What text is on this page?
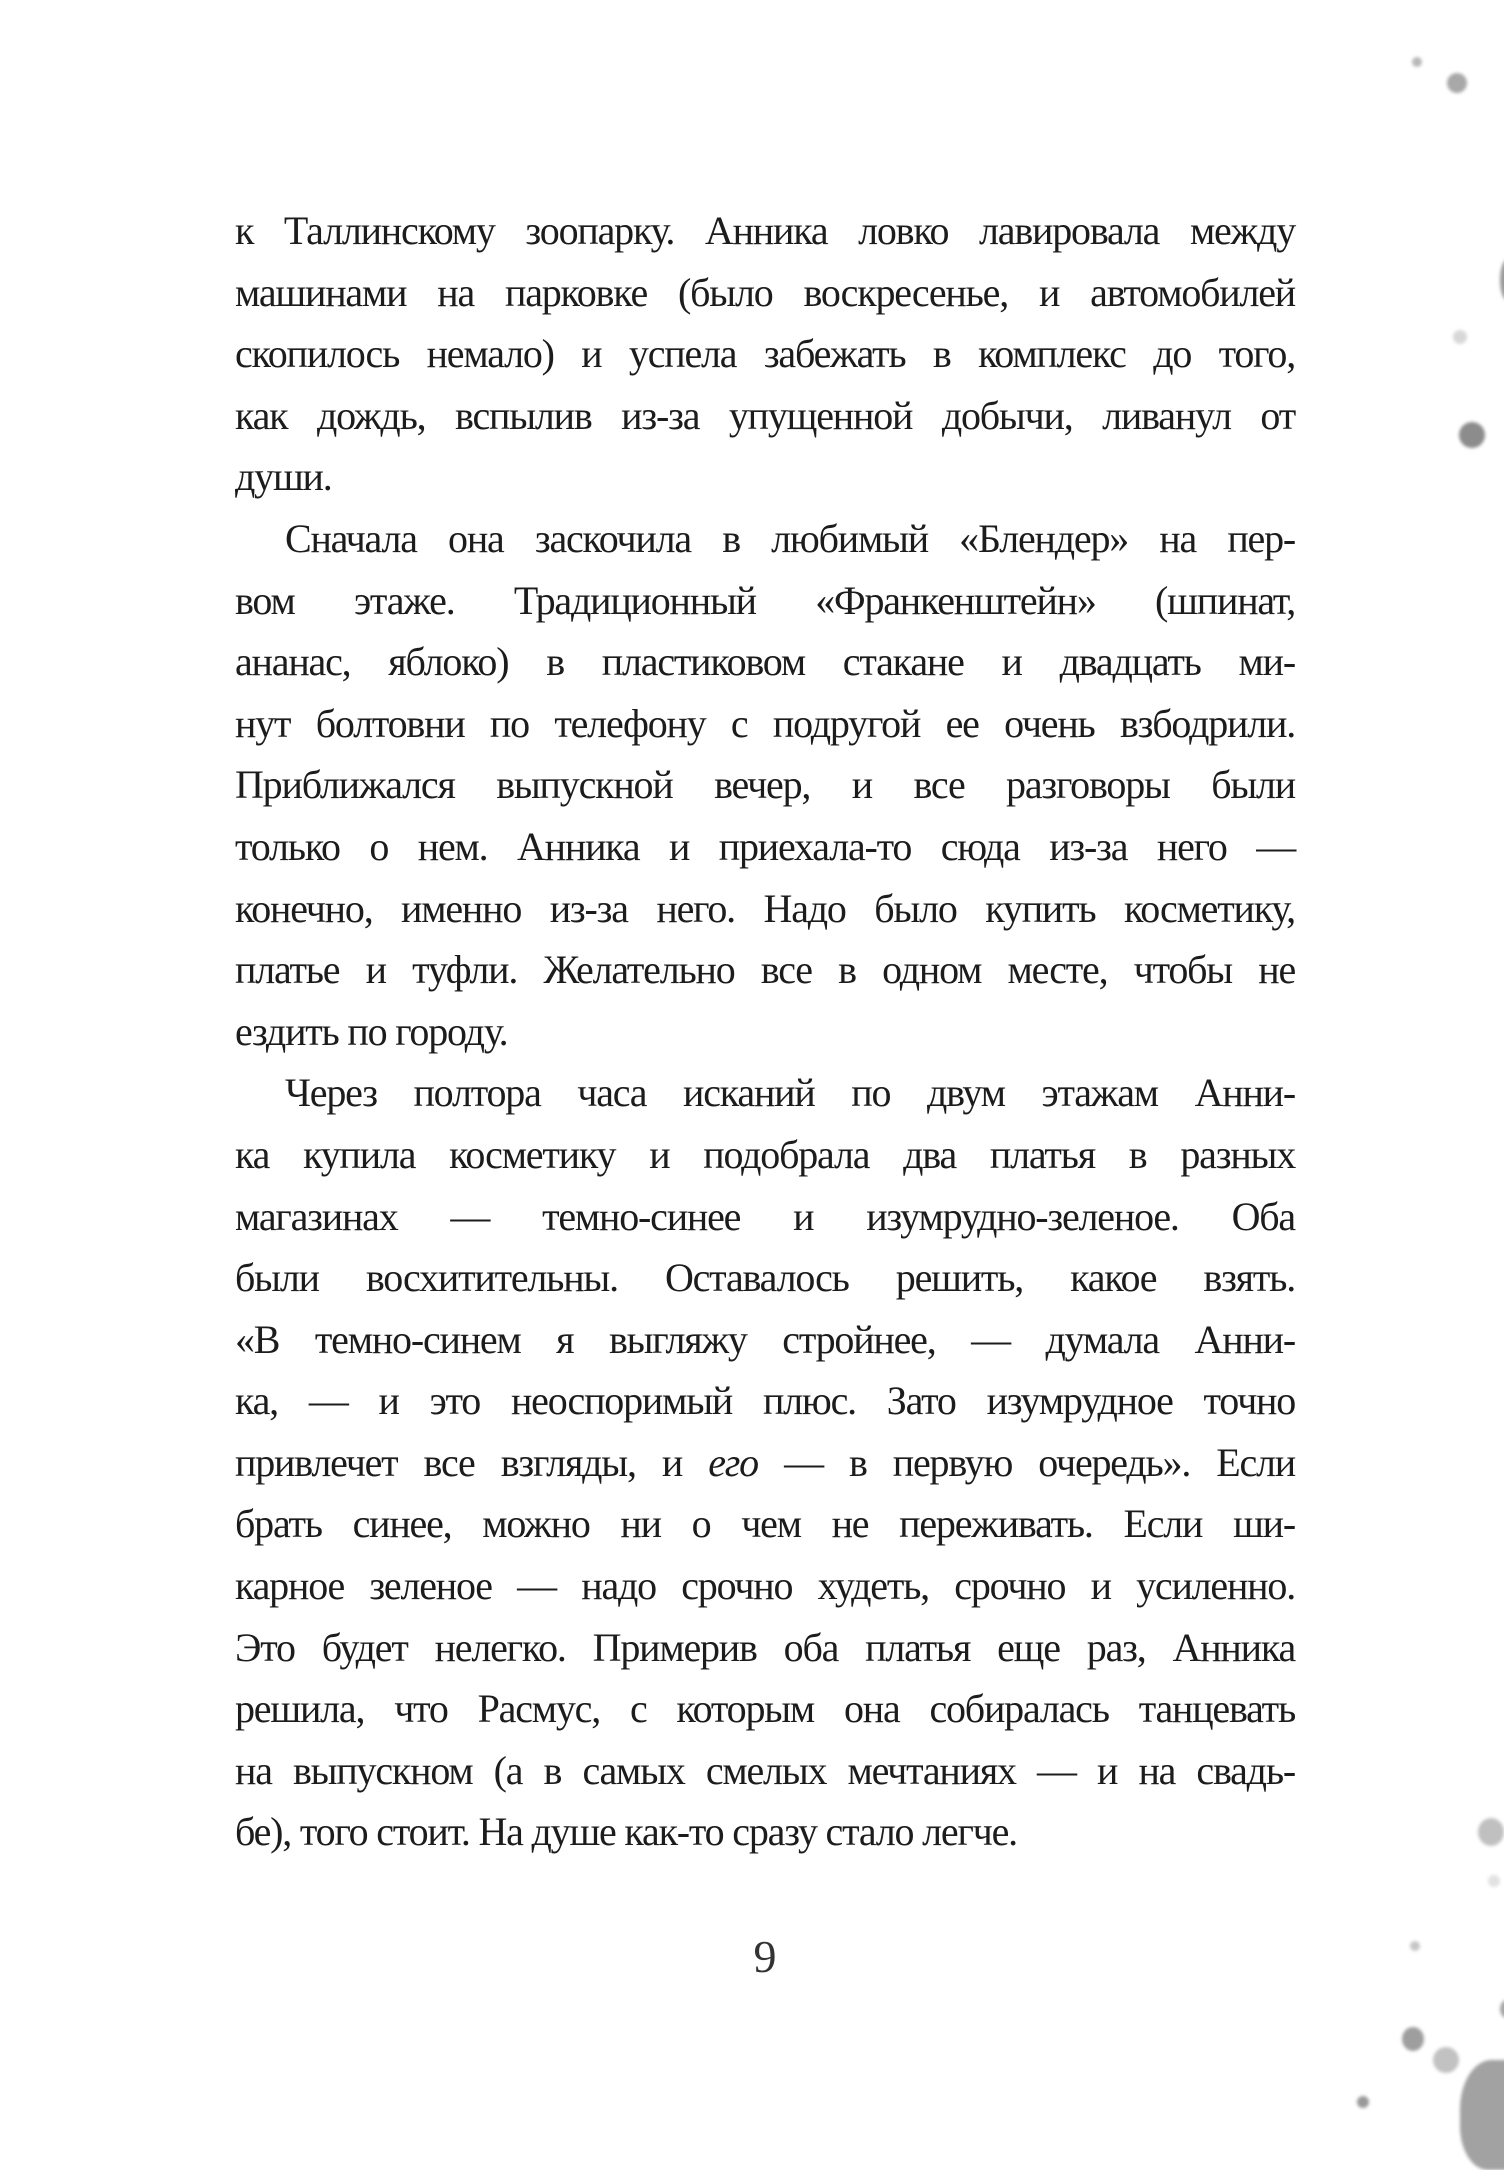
к Таллинскому зоопарку. Анника ловко лавировала между
машинами на парковке (было воскресенье, и автомобилей
скопилось немало) и успела забежать в комплекс до того,
как дождь, вспылив из-за упущенной добычи, ливанул от
души.
Сначала она заскочила в любимый «Блендер» на пер-
вом этаже. Традиционный «Франкенштейн» (шпинат,
ананас, яблоко) в пластиковом стакане и двадцать ми-
нут болтовни по телефону с подругой ее очень взбодрили.
Приближался выпускной вечер, и все разговоры были
только о нем. Анника и приехала-то сюда из-за него —
конечно, именно из-за него. Надо было купить косметику,
платье и туфли. Желательно все в одном месте, чтобы не
ездить по городу.
Через полтора часа исканий по двум этажам Анни-
ка купила косметику и подобрала два платья в разных
магазинах — темно-синее и изумрудно-зеленое. Оба
были восхитительны. Оставалось решить, какое взять.
«В темно-синем я выгляжу стройнее, — думала Анни-
ка, — и это неоспоримый плюс. Зато изумрудное точно
привлечет все взгляды, и его — в первую очередь». Если
брать синее, можно ни о чем не переживать. Если ши-
карное зеленое — надо срочно худеть, срочно и усиленно.
Это будет нелегко. Примерив оба платья еще раз, Анника
решила, что Расмус, с которым она собиралась танцевать
на выпускном (а в самых смелых мечтаниях — и на свадь-
бе), того стоит. На душе как-то сразу стало легче.
9
